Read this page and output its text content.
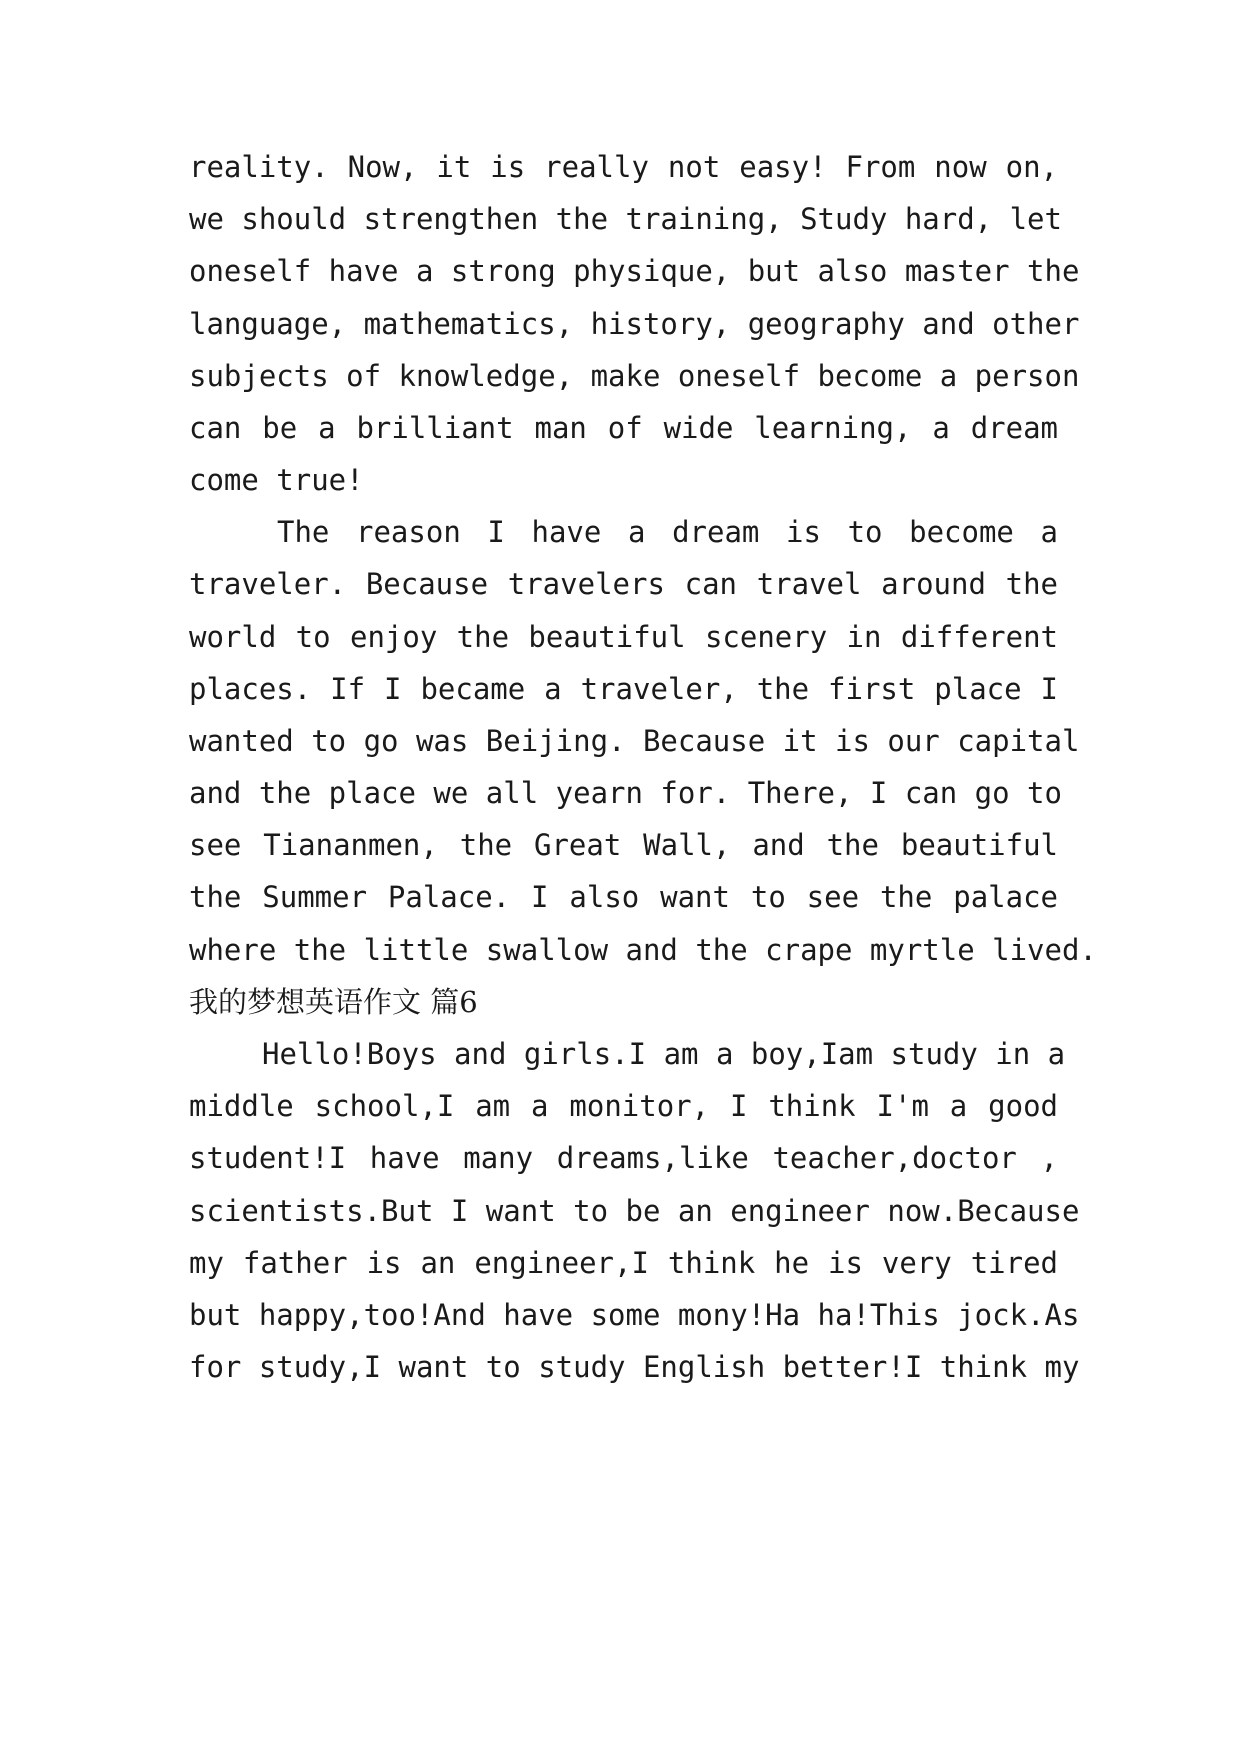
reality. Now, it is really not easy! From now on,
we should strengthen the training, Study hard, let
oneself have a strong physique, but also master the
language, mathematics, history, geography and other
subjects of knowledge, make oneself become a person
can be a brilliant man of wide learning, a dream
come true!
The reason I have a dream is to become a
traveler. Because travelers can travel around the
world to enjoy the beautiful scenery in different
places. If I became a traveler, the first place I
wanted to go was Beijing. Because it is our capital
and the place we all yearn for. There, I can go to
see Tiananmen, the Great Wall, and the beautiful
the Summer Palace. I also want to see the palace
where the little swallow and the crape myrtle lived.
我的梦想英语作文 篇6
Hello!Boys and girls.I am a boy,Iam study in a
middle school,I am a monitor, I think I'm a good
student!I have many dreams,like teacher,doctor ,
scientists.But I want to be an engineer now.Because
my father is an engineer,I think he is very tired
but happy,too!And have some mony!Ha ha!This jock.As
for study,I want to study English better!I think my
